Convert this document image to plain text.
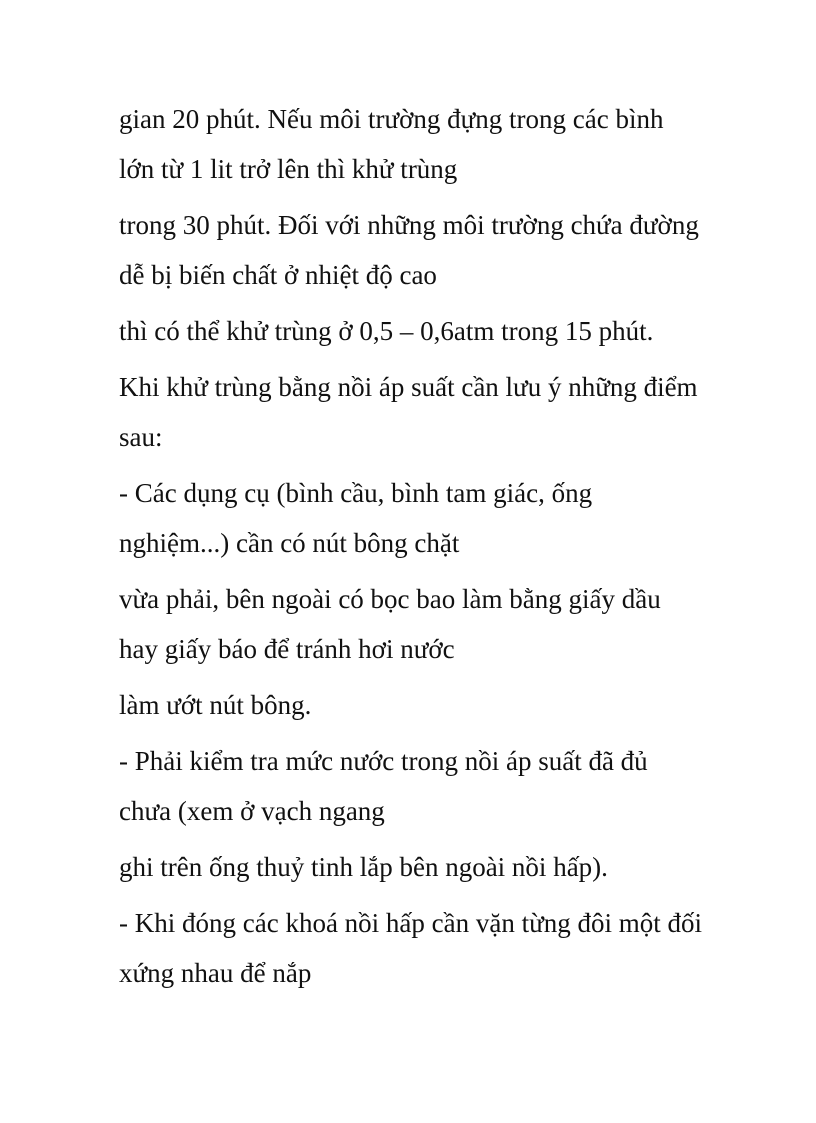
gian 20 phút. Nếu môi trường đựng trong các bình

lớn từ 1 lit trở lên thì khử trùng

trong 30 phút. Đối với những môi trường chứa đường

dễ bị biến chất ở nhiệt độ cao

thì có thể khử trùng ở 0,5 – 0,6atm trong 15 phút.

Khi khử trùng bằng nồi áp suất cần lưu ý những điểm

sau:

- Các dụng cụ (bình cầu, bình tam giác, ống

nghiệm...) cần có nút bông chặt

vừa phải, bên ngoài có bọc bao làm bằng giấy dầu

hay giấy báo để tránh hơi nước

làm ướt nút bông.

- Phải kiểm tra mức nước trong nồi áp suất đã đủ

chưa (xem ở vạch ngang

ghi trên ống thuỷ tinh lắp bên ngoài nồi hấp).

- Khi đóng các khoá nồi hấp cần vặn từng đôi một đối

xứng nhau để nắp
